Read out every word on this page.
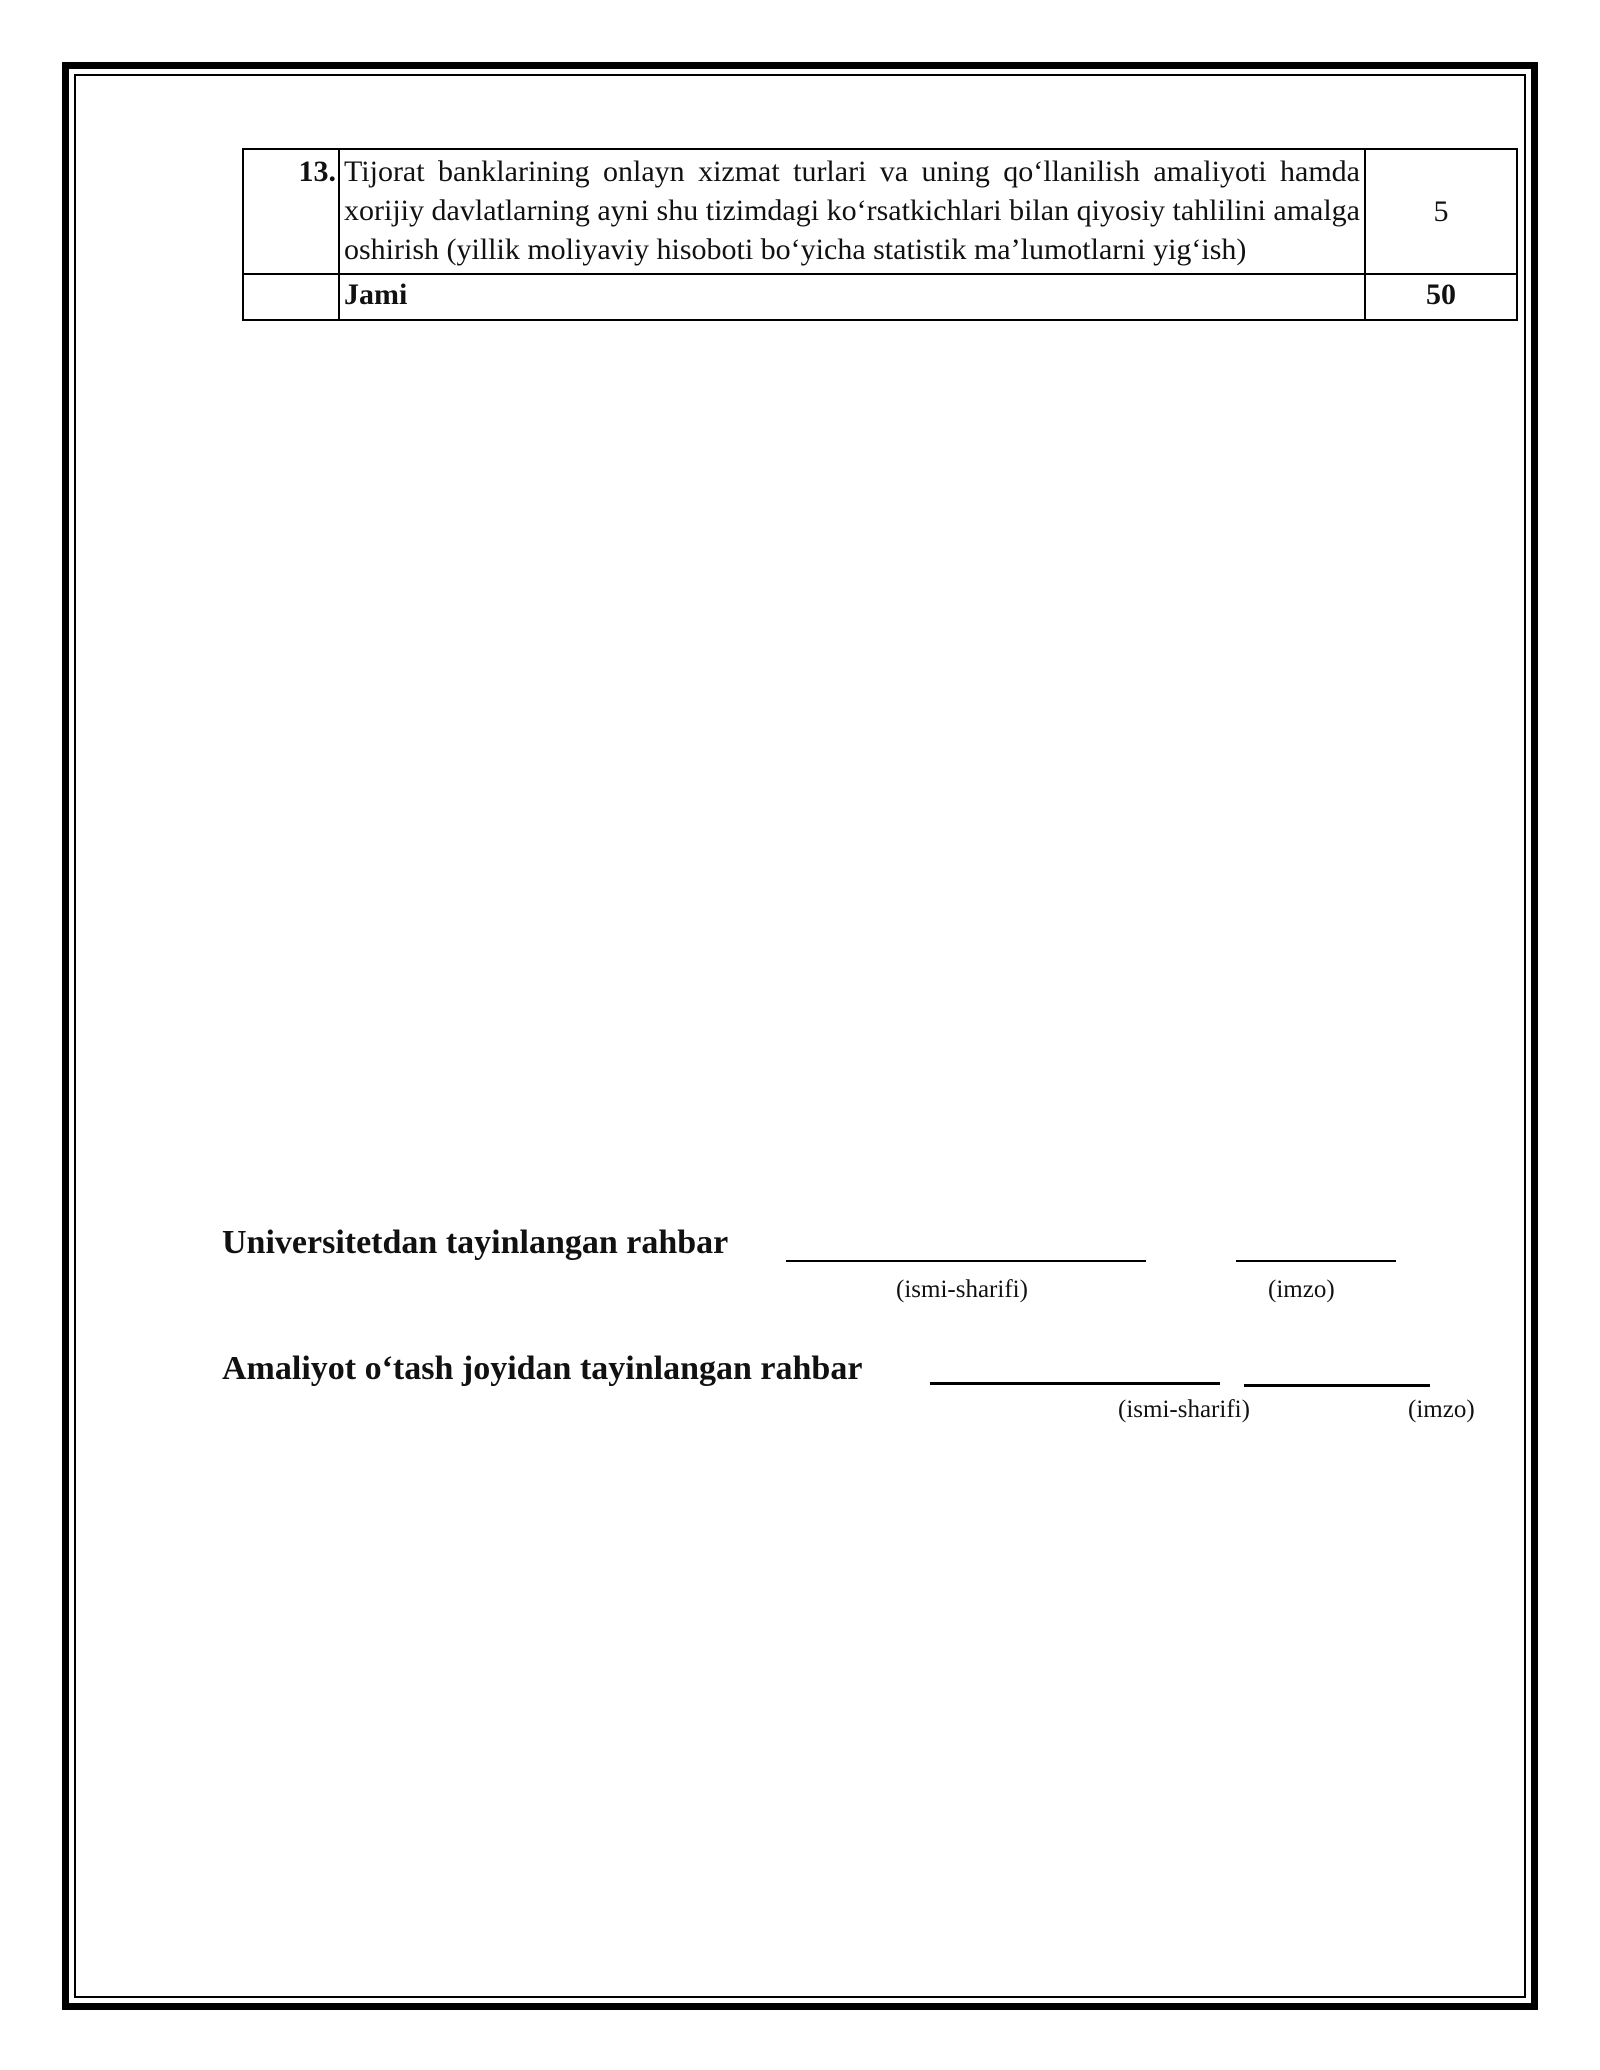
13.	Tijorat banklarining onlayn xizmat turlari va uning qo‘llanilish amaliyoti hamda xorijiy davlatlarning ayni shu tizimdagi ko‘rsatkichlari bilan qiyosiy tahlilini amalga oshirish (yillik moliyaviy hisoboti bo‘yicha statistik ma’lumotlarni yig‘ish)	5
	Jami	50
Universitetdan tayinlangan rahbar
(ismi-sharifi)	(imzo)
Amaliyot o‘tash joyidan tayinlangan rahbar
(ismi-sharifi)	(imzo)
